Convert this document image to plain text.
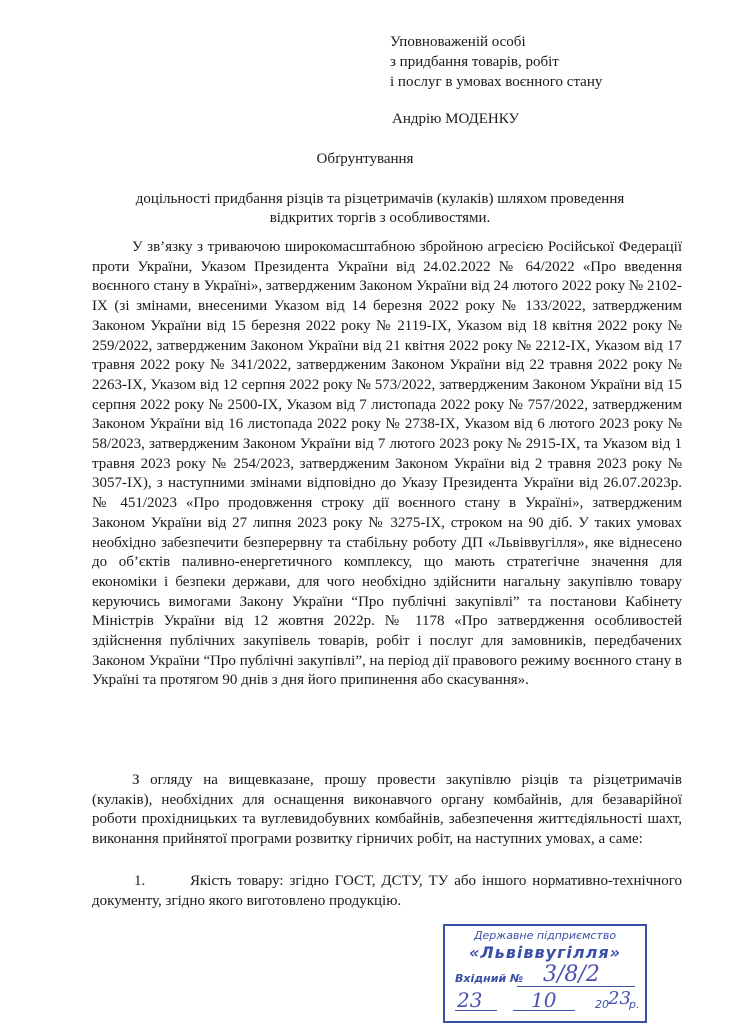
Уповноваженій особі
з придбання товарів, робіт
і послуг в умовах воєнного стану
Андрію МОДЕНКУ
Обґрунтування
доцільності придбання різців та різцетримачів (кулаків) шляхом проведення
відкритих торгів з особливостями.
У зв’язку з триваючою широкомасштабною збройною агресією Російської Федерації проти України, Указом Президента України від 24.02.2022 № 64/2022 «Про введення воєнного стану в Україні», затвердженим Законом України від 24 лютого 2022 року № 2102-IX (зі змінами, внесеними Указом від 14 березня 2022 року № 133/2022, затвердженим Законом України від 15 березня 2022 року № 2119-IX, Указом від 18 квітня 2022 року № 259/2022, затвердженим Законом України від 21 квітня 2022 року № 2212-IX, Указом від 17 травня 2022 року № 341/2022, затвердженим Законом України від 22 травня 2022 року № 2263-IX, Указом від 12 серпня 2022 року № 573/2022, затвердженим Законом України від 15 серпня 2022 року № 2500-IX, Указом від 7 листопада 2022 року № 757/2022, затвердженим Законом України від 16 листопада 2022 року № 2738-IX, Указом від 6 лютого 2023 року № 58/2023, затвердженим Законом України від 7 лютого 2023 року № 2915-IX, та Указом від 1 травня 2023 року № 254/2023, затвердженим Законом України від 2 травня 2023 року № 3057-IX), з наступними змінами відповідно до Указу Президента України від 26.07.2023р. № 451/2023 «Про продовження строку дії воєнного стану в Україні», затвердженим Законом України від 27 липня 2023 року № 3275-IX, строком на 90 діб. У таких умовах необхідно забезпечити безперервну та стабільну роботу ДП «Львіввугілля», яке віднесено до об’єктів паливно-енергетичного комплексу, що мають стратегічне значення для економіки і безпеки держави, для чого необхідно здійснити нагальну закупівлю товару керуючись вимогами Закону України “Про публічні закупівлі” та постанови Кабінету Міністрів України від 12 жовтня 2022р. № 1178 «Про затвердження особливостей здійснення публічних закупівель товарів, робіт і послуг для замовників, передбачених Законом України “Про публічні закупівлі”, на період дії правового режиму воєнного стану в Україні та протягом 90 днів з дня його припинення або скасування».
З огляду на вищевказане, прошу провести закупівлю різців та різцетримачів (кулаків), необхідних для оснащення виконавчого органу комбайнів, для безаварійної роботи прохідницьких та вуглевидобувних комбайнів, забезпечення життєдіяльності шахт, виконання прийнятої програми розвитку гірничих робіт, на наступних умовах, а саме:
1.	Якість товару: згідно ГОСТ, ДСТУ, ТУ або іншого нормативно-технічного документу, згідно якого виготовлено продукцію.
Державне підприємство
«Львіввугілля»
Вхідний № 3/8/2
23 10	20 23
р.
